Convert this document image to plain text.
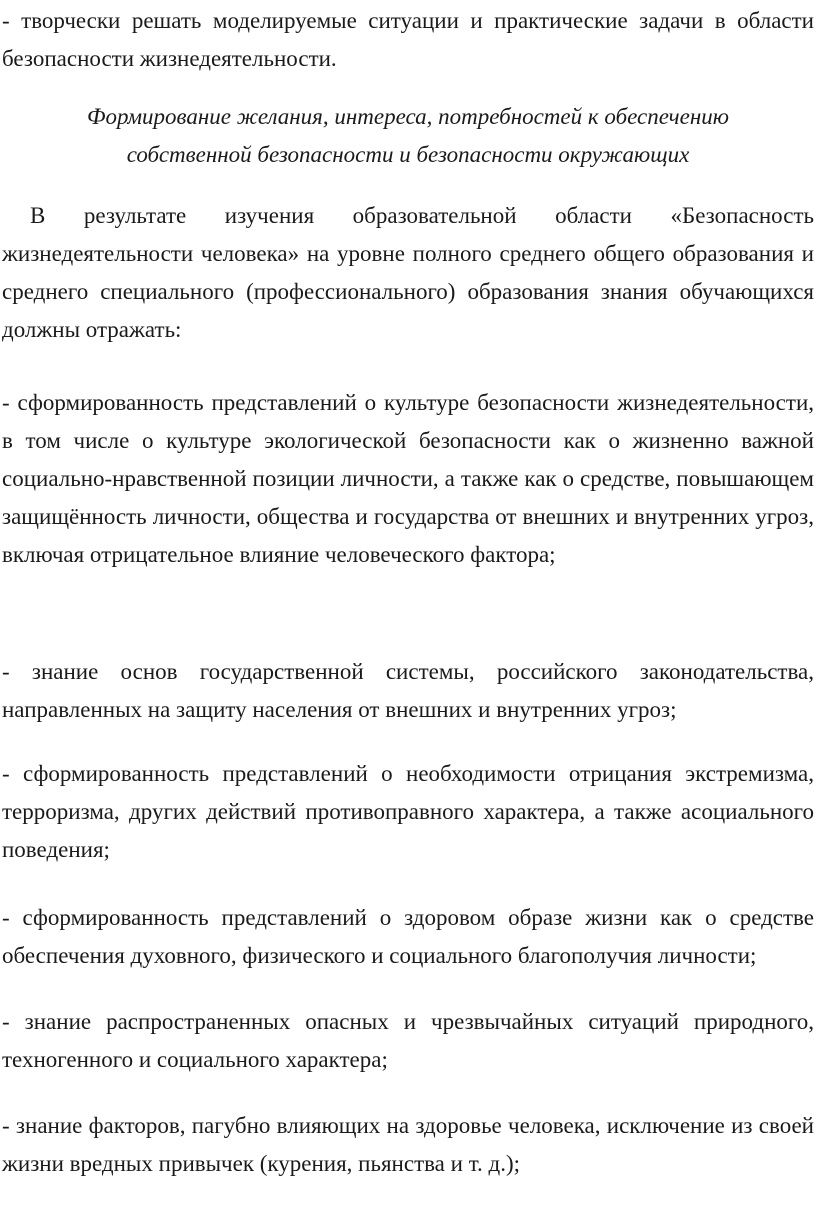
- творчески решать моделируемые ситуации и практические задачи в области безопасности жизнедеятельности.

Формирование желания, интереса, потребностей к обеспечению

собственной безопасности и безопасности окружающих

В результате изучения образовательной области «Безопасность жизнедеятельности человека» на уровне полного среднего общего образования и среднего специального (профессионального) образования знания обучающихся должны отражать:

- сформированность представлений о культуре безопасности жизнедеятельности, в том числе о культуре экологической безопасности как о жизненно важной социально-нравственной позиции личности, а также как о средстве, повышающем защищённость личности, общества и государства от внешних и внутренних угроз, включая отрицательное влияние человеческого фактора;

- знание основ государственной системы, российского законодательства, направленных на защиту населения от внешних и внутренних угроз;

- сформированность представлений о необходимости отрицания экстремизма, терроризма, других действий противоправного характера, а также асоциального поведения;

- сформированность представлений о здоровом образе жизни как о средстве обеспечения духовного, физического и социального благополучия личности;

- знание распространенных опасных и чрезвычайных ситуаций природного, техногенного и социального характера;

- знание факторов, пагубно влияющих на здоровье человека, исключение из своей жизни вредных привычек (курения, пьянства и т. д.);
